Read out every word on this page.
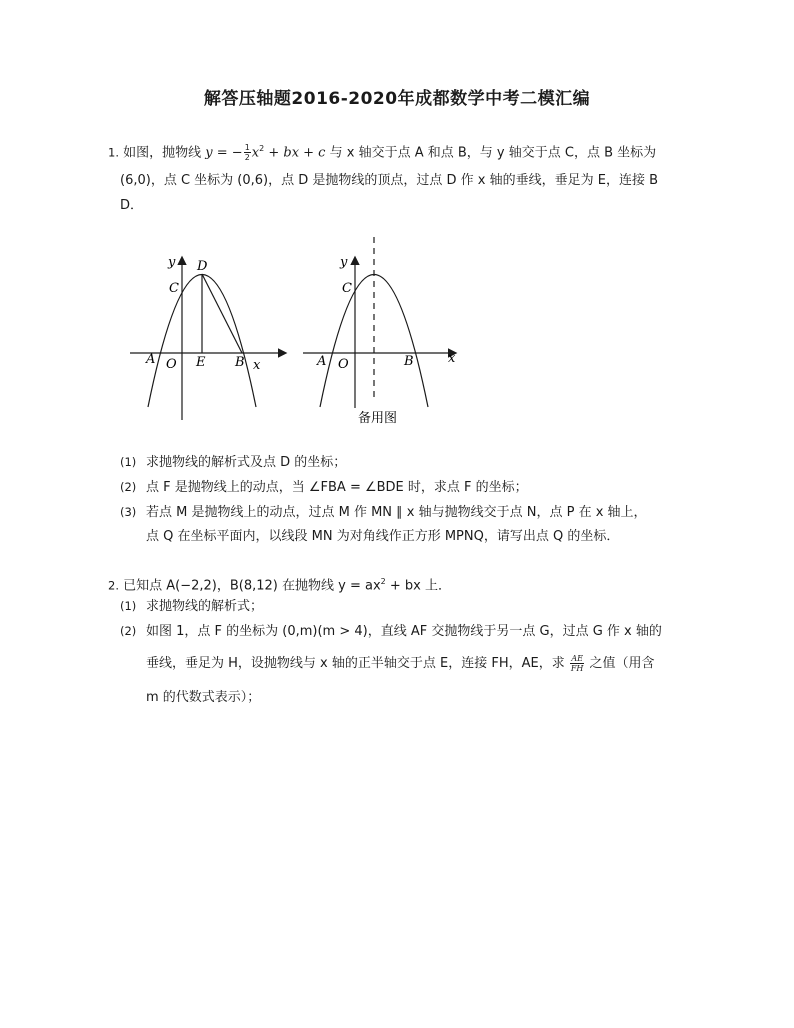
解答压轴题2016-2020年成都数学中考二模汇编
1. 如图，抛物线 y = − $\frac{1}{2} x^2$ + bx + c 与 x 轴交于点 A 和点 B，与 y 轴交于点 C，点 B 坐标为
(6,0)，点 C 坐标为 (0,6)，点 D 是抛物线的顶点，过点 D 作 x 轴的垂线，垂足为 E，连接 B
D．
y D
C
A O E B x
y
C
A O	B	x
备用图
(1) 求抛物线的解析式及点 D 的坐标；
(2) 点 F 是抛物线上的动点，当 ∠FBA = ∠BDE 时，求点 F 的坐标；
(3) 若点 M 是抛物线上的动点，过点 M 作 MN ∥ x 轴与抛物线交于点 N，点 P 在 x 轴上，
点 Q 在坐标平面内，以线段 MN 为对角线作正方形 MPNQ，请写出点 Q 的坐标．
2. 已知点 A(−2,2)，B(8,12) 在抛物线 $y = ax^2$ + bx 上．
(1) 求抛物线的解析式；
(2) 如图 1，点 F 的坐标为 (0,m)(m > 4)，直线 AF 交抛物线于另一点 G，过点 G 作 x 轴的
垂线，垂足为 H，设抛物线与 x 轴的正半轴交于点 E，连接 FH，AE，求 $\frac{AE}{FH}$ 之值（用含
m 的代数式表示）；
